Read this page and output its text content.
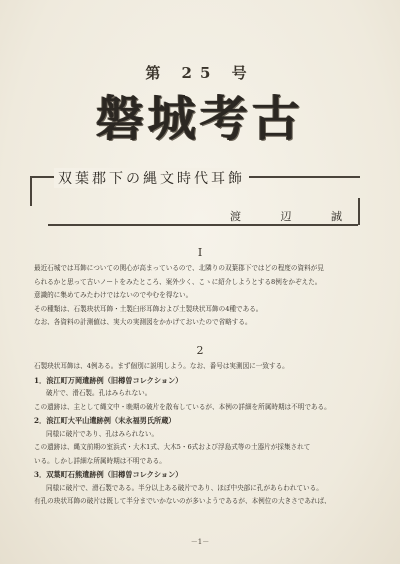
第 25 号
磐城考古
双葉郡下の縄文時代耳飾
渡 辺 誠
I
最近石城では耳飾についての関心が高まっているので、北隣りの双葉郡下ではどの程度の資料が見
られるかと思って古いノートをみたところ、案外少く、こゝに紹介しようとする8例をかぞえた。
意識的に集めてみたわけではないのでやむを得ない。
その種類は、石製玦状耳飾・土製臼形耳飾および土製玦状耳飾の4種である。
なお、各資料の計測値は、実大の実測図をかかげておいたので省略する。
2
石製玦状耳飾は、4例ある。まず個別に説明しよう。なお、番号は実測図に一致する。
1．浪江町万岡遺跡例（旧樽曽コレクション）
破片で、滑石製。孔はみられない。
この遺跡は、主として縄文中・晩期の破片を散布しているが、本例の詳細を所属時期は不明である。
2．浪江町大平山遺跡例（末永福男氏所蔵）
同様に破片であり、孔はみられない。
この遺跡は、縄文前期の室浜式・大木1式、大木5・6式および浮島式等の土器片が採集されて
いる。しかし詳細な所属時期は不明である。
3．双葉町石熊遺跡例（旧樽曽コレクション）
同様に破片で、滑石製である。半分以上ある破片であり、ほぼ中央部に孔があらわれている。
有孔の玦状耳飾の破片は既して半分までいかないのが多いようであるが、本例位の大きさであれば、
－1－
